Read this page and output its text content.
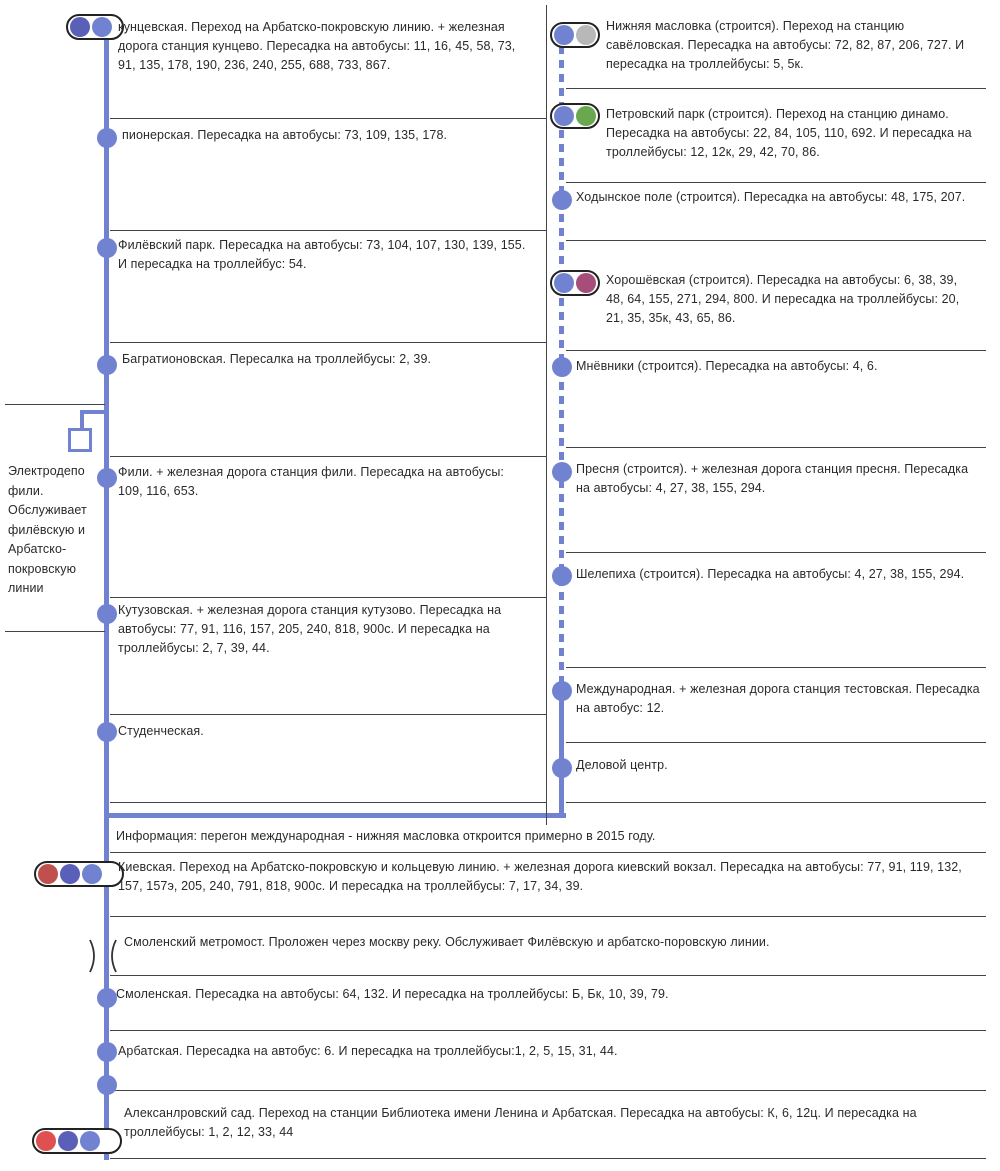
Электродепо фили. Обслуживает филёвскую и Арбатско-покровскую линии

кунцевская. Переход на Арбатско-покровскую линию. + железная дорога станция кунцево. Пересадка на автобусы: 11, 16, 45, 58, 73, 91, 135, 178, 190, 236, 240, 255, 688, 733, 867.

пионерская. Пересадка на автобусы: 73, 109, 135, 178.

Филёвский парк. Пересадка на автобусы: 73, 104, 107, 130, 139, 155. И пересадка на троллейбус: 54.

Багратионовская. Пересалка на троллейбусы: 2, 39.

Фили. + железная дорога станция фили. Пересадка на автобусы: 109, 116, 653.

Кутузовская. + железная дорога станция кутузово. Пересадка на автобусы: 77, 91, 116, 157, 205, 240, 818, 900с. И пересадка на троллейбусы: 2, 7, 39, 44.

Студенческая.

Нижняя масловка (строится). Переход на станцию савёловская. Пересадка на автобусы: 72, 82, 87, 206, 727. И пересадка на троллейбусы: 5, 5к.

Петровский парк (строится). Переход на станцию динамо. Пересадка на автобусы: 22, 84, 105, 110, 692. И пересадка на троллейбусы: 12, 12к, 29, 42, 70, 86.

Ходынское поле (строится). Пересадка на автобусы: 48, 175, 207.

Хорошёвская (строится). Пересадка на автобусы: 6, 38, 39, 48, 64, 155, 271, 294, 800. И пересадка на троллейбусы: 20, 21, 35, 35к, 43, 65, 86.

Мнёвники (строится). Пересадка на автобусы: 4, 6.

Пресня (строится). + железная дорога станция пресня. Пересадка на автобусы: 4, 27, 38, 155, 294.

Шелепиха (строится). Пересадка на автобусы: 4, 27, 38, 155, 294.

Международная. + железная дорога станция тестовская. Пересадка на автобус: 12.

Деловой центр.

Информация: перегон международная - нижняя масловка откроится примерно в 2015 году.

Киевская. Переход на Арбатско-покровскую и кольцевую линию. + железная дорога киевский вокзал. Пересадка на автобусы: 77, 91, 119, 132, 157, 157э, 205, 240, 791, 818, 900с. И пересадка на троллейбусы: 7, 17, 34, 39.

Смоленский метромост. Проложен через москву реку. Обслуживает Филёвскую и арбатско-поровскую линии.

Смоленская. Пересадка на автобусы: 64, 132. И пересадка на троллейбусы: Б, Бк, 10, 39, 79.

Арбатская. Пересадка на автобус: 6. И пересадка на троллейбусы:1, 2, 5, 15, 31, 44.

Алексанлровский сад. Переход на станции Библиотека имени Ленина и Арбатская. Пересадка на автобусы: К, 6, 12ц. И пересадка на троллейбусы: 1, 2, 12, 33, 44
